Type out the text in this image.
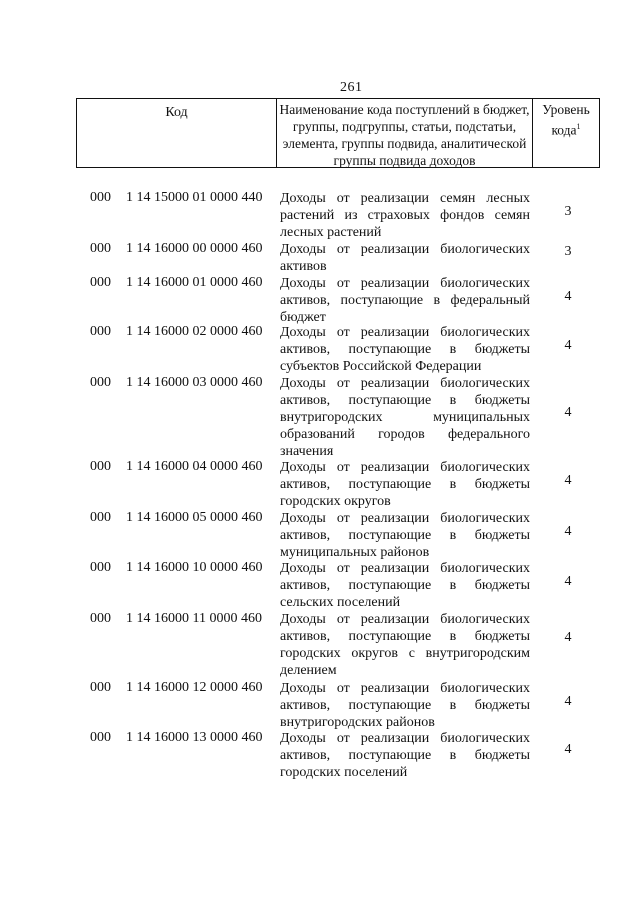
261
Код	Наименование кода поступлений в бюджет, группы, подгруппы, статьи, подстатьи, элемента, группы подвида, аналитической группы подвида доходов
Уровень кода$^1$
000 1 14 15000 01 0000 440 Доходы от реализации семян лесных растений из страховых фондов семян лесных растений
3
000 1 14 16000 00 0000 460 Доходы от реализации биологических активов
3
000 1 14 16000 01 0000 460 Доходы от реализации биологических активов, поступающие в федеральный бюджет
4
000 1 14 16000 02 0000 460 Доходы от реализации биологических активов, поступающие в бюджеты субъектов Российской Федерации
4
000 1 14 16000 03 0000 460 Доходы от реализации биологических активов, поступающие в бюджеты внутригородских муниципальных образований городов федерального значения
4
000 1 14 16000 04 0000 460 Доходы от реализации биологических активов, поступающие в бюджеты городских округов
4
000 1 14 16000 05 0000 460 Доходы от реализации биологических активов, поступающие в бюджеты муниципальных районов
4
000 1 14 16000 10 0000 460 Доходы от реализации биологических активов, поступающие в бюджеты сельских поселений
4
000 1 14 16000 11 0000 460 Доходы от реализации биологических активов, поступающие в бюджеты городских округов с внутригородским делением
4
000 1 14 16000 12 0000 460 Доходы от реализации биологических активов, поступающие в бюджеты внутригородских районов
4
000 1 14 16000 13 0000 460 Доходы от реализации биологических активов, поступающие в бюджеты городских поселений
4
